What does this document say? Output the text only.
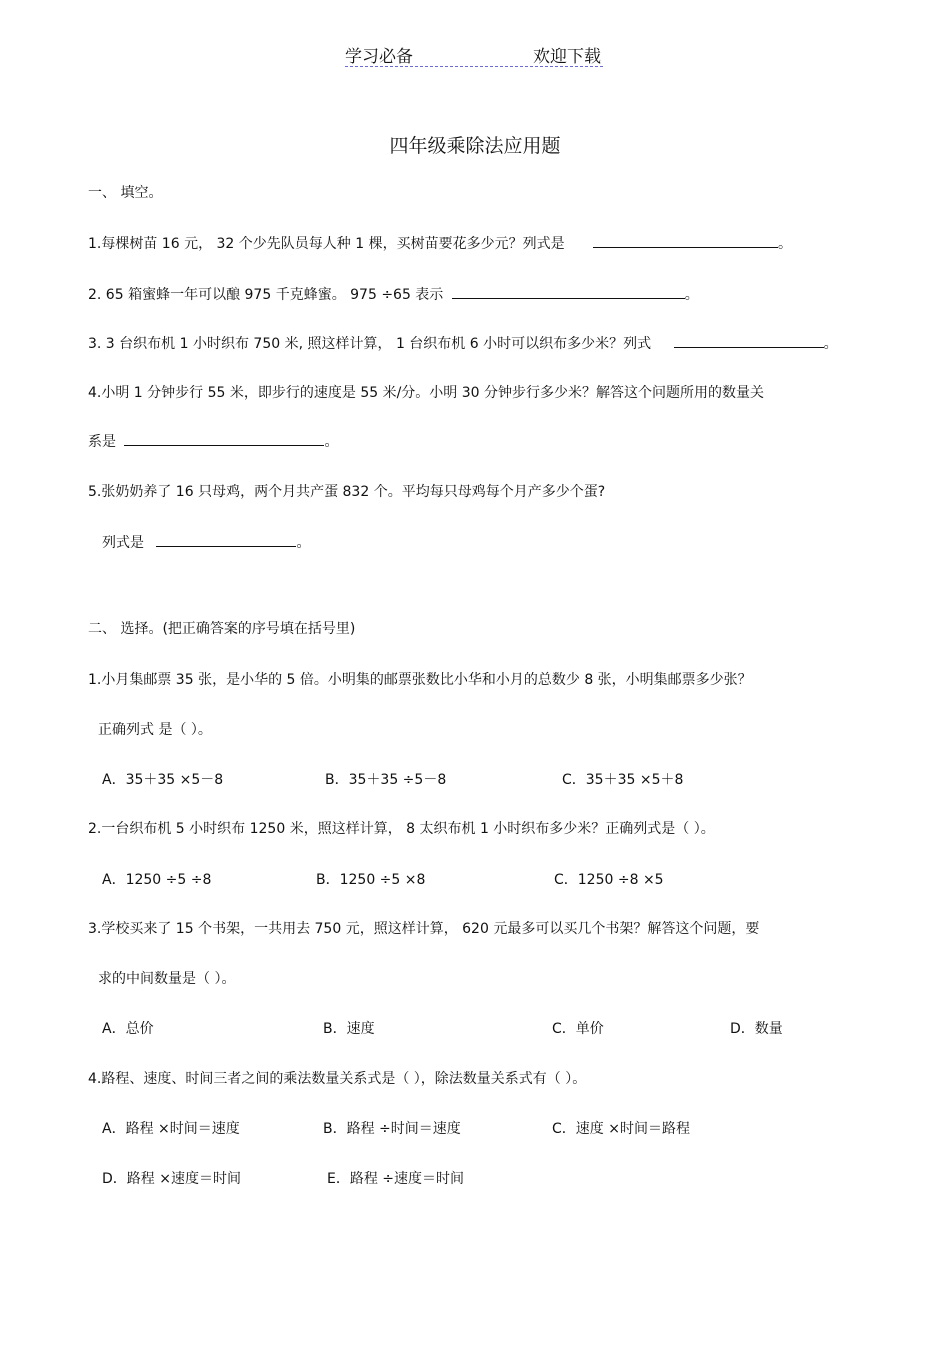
学习必备	欢迎下载
四年级乘除法应用题
一、 填空。
1.每棵树苗 16 元， 32 个少先队员每人种 1 棵，买树苗要花多少元？列式是	。
2. 65 箱蜜蜂一年可以酿 975 千克蜂蜜。 975 ÷65 表示	。
3. 3 台织布机 1 小时织布 750 米, 照这样计算， 1 台织布机 6 小时可以织布多少米？列式	。
4.小明 1 分钟步行 55 米，即步行的速度是 55 米/分。小明 30 分钟步行多少米？解答这个问题所用的数量关
系是	。
5.张奶奶养了 16 只母鸡，两个月共产蛋 832 个。平均每只母鸡每个月产多少个蛋?
列式是	。
二、 选择。(把正确答案的序号填在括号里)
1.小月集邮票 35 张，是小华的 5 倍。小明集的邮票张数比小华和小月的总数少 8 张，小明集邮票多少张？
正确列式 是（ ）。
A．35＋35 ×5－8	B．35＋35 ÷5－8	C．35＋35 ×5＋8
2.一台织布机 5 小时织布 1250 米，照这样计算， 8 太织布机 1 小时织布多少米？正确列式是（ ）。
A．1250 ÷5 ÷8	B．1250 ÷5 ×8	C．1250 ÷8 ×5
3.学校买来了 15 个书架，一共用去 750 元，照这样计算， 620 元最多可以买几个书架？解答这个问题，要
求的中间数量是（ ）。
A．总价	B．速度	C．单价	D．数量
4.路程、速度、时间三者之间的乘法数量关系式是（ ），除法数量关系式有（ ）。
A．路程 ×时间＝速度	B．路程 ÷时间＝速度	C．速度 ×时间＝路程
D．路程 ×速度＝时间	E．路程 ÷速度＝时间
